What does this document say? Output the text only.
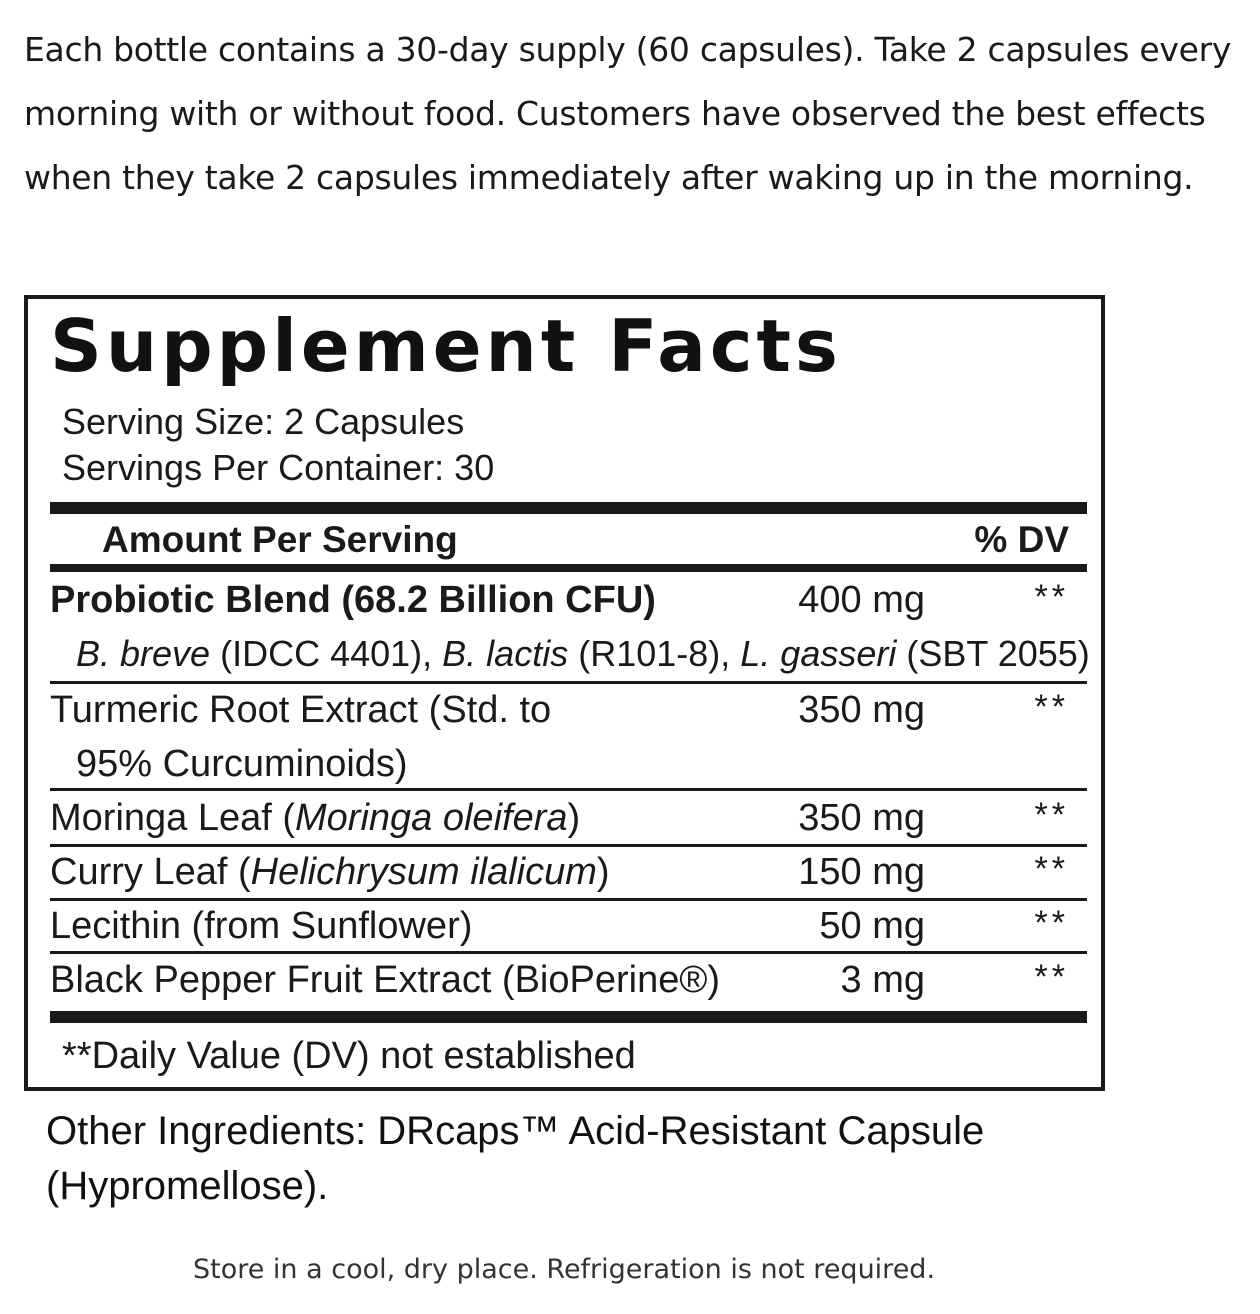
Each bottle contains a 30-day supply (60 capsules). Take 2 capsules every morning with or without food. Customers have observed the best effects when they take 2 capsules immediately after waking up in the morning.
Supplement Facts
Serving Size: 2 Capsules
Servings Per Container: 30
Amount Per Serving	% DV
Probiotic Blend (68.2 Billion CFU)	400 mg	**
B. breve (IDCC 4401), B. lactis (R101-8), L. gasseri (SBT 2055)
Turmeric Root Extract (Std. to	350 mg	**
95% Curcuminoids)
Moringa Leaf (Moringa oleifera)	350 mg	**
Curry Leaf (Helichrysum ilalicum)	150 mg	**
Lecithin (from Sunflower)	50 mg	**
Black Pepper Fruit Extract (BioPerine®)	3 mg	**
**Daily Value (DV) not established
Other Ingredients: DRcaps™ Acid-Resistant Capsule (Hypromellose).
Store in a cool, dry place. Refrigeration is not required.
